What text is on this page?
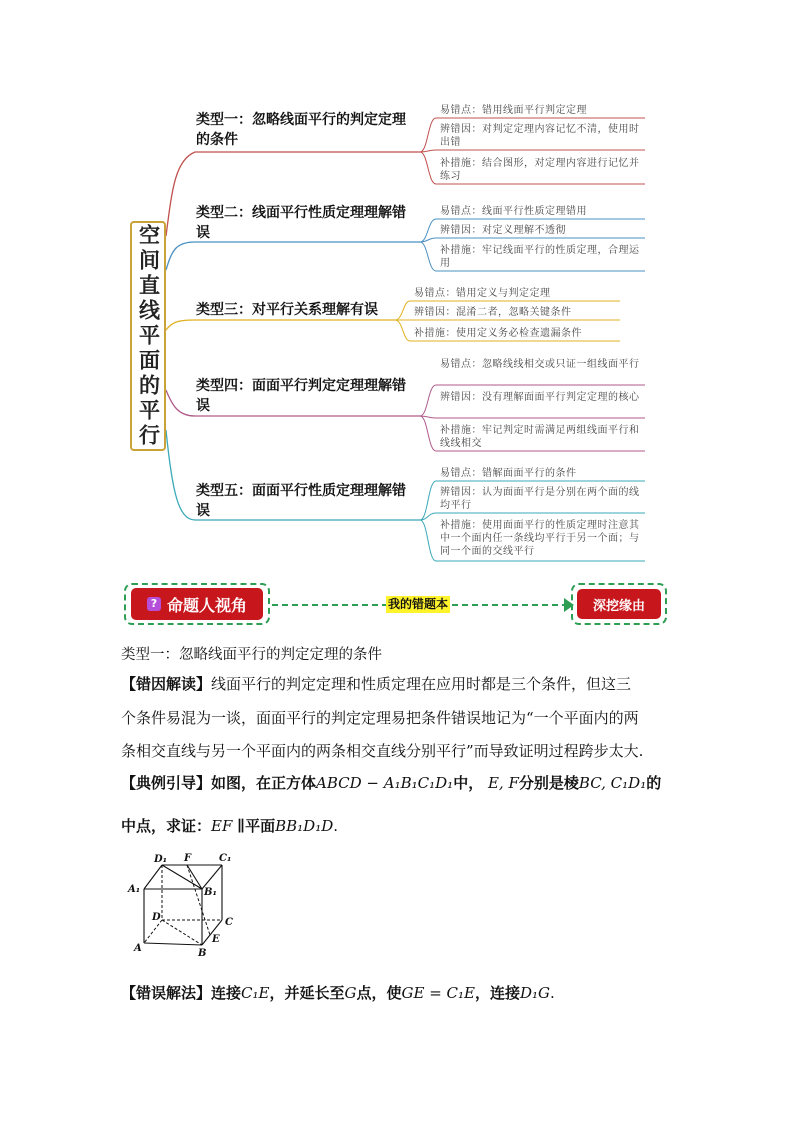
空间直线平面的平行
类型一：忽略线面平行的判定定理的条件
类型二：线面平行性质定理理解错误
类型三：对平行关系理解有误
类型四：面面平行判定定理理解错误
类型五：面面平行性质定理理解错误
易错点：错用线面平行判定定理
辨错因：对判定定理内容记忆不清，使用时出错
补措施：结合图形，对定理内容进行记忆并练习
易错点：线面平行性质定理错用
辨错因：对定义理解不透彻
补措施：牢记线面平行的性质定理，合理运用
易错点：错用定义与判定定理
辨错因：混淆二者，忽略关键条件
补措施：使用定义务必检查遗漏条件
易错点：忽略线线相交或只证一组线面平行
辨错因：没有理解面面平行判定定理的核心
补措施：牢记判定时需满足两组线面平行和线线相交
易错点：错解面面平行的条件
辨错因：认为面面平行是分别在两个面的线均平行
补措施：使用面面平行的性质定理时注意其中一个面内任一条线均平行于另一个面；与同一个面的交线平行
? 命题人视角	我的错题本	深挖缘由
类型一：忽略线面平行的判定定理的条件
【错因解读】线面平行的判定定理和性质定理在应用时都是三个条件，但这三
个条件易混为一谈，面面平行的判定定理易把条件错误地记为“一个平面内的两
条相交直线与另一个平面内的两条相交直线分别平行”而导致证明过程跨步太大.
【典例引导】如图，在正方体ABCD − A₁B₁C₁D₁中， E, F分别是棱BC, C₁D₁的
中点，求证：EF ∥平面BB₁D₁D.
D₁ F	C₁
A₁	B₁
D	C
A	B
E
【错误解法】连接C₁E，并延长至G点，使GE = C₁E，连接D₁G.
